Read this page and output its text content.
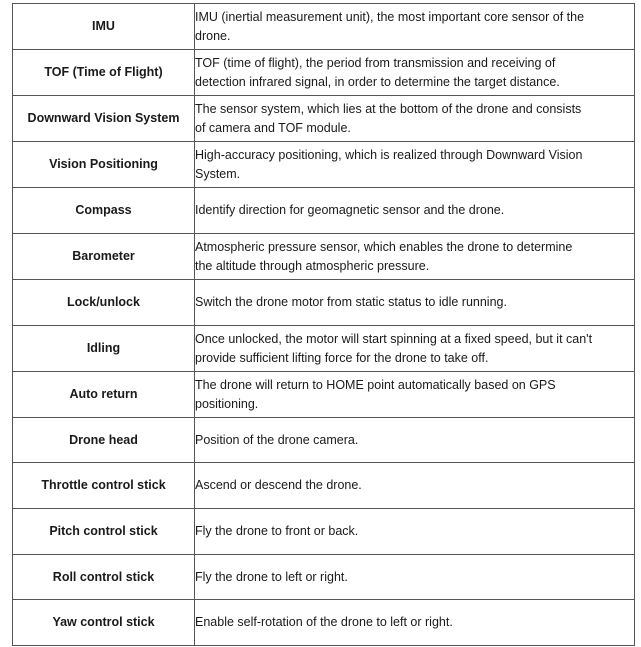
IMU	IMU (inertial measurement unit), the most important core sensor of the drone.

TOF (Time of Flight)	TOF (time of flight), the period from transmission and receiving of detection infrared signal, in order to determine the target distance.

Downward Vision System	The sensor system, which lies at the bottom of the drone and consists of camera and TOF module.

Vision Positioning	High-accuracy positioning, which is realized through Downward Vision System.

Compass	Identify direction for geomagnetic sensor and the drone.

Barometer	Atmospheric pressure sensor, which enables the drone to determine the altitude through atmospheric pressure.

Lock/unlock	Switch the drone motor from static status to idle running.

Idling	Once unlocked, the motor will start spinning at a fixed speed, but it can't provide sufficient lifting force for the drone to take off.

Auto return	The drone will return to HOME point automatically based on GPS positioning.

Drone head	Position of the drone camera.

Throttle control stick	Ascend or descend the drone.

Pitch control stick	Fly the drone to front or back.

Roll control stick	Fly the drone to left or right.

Yaw control stick	Enable self-rotation of the drone to left or right.
